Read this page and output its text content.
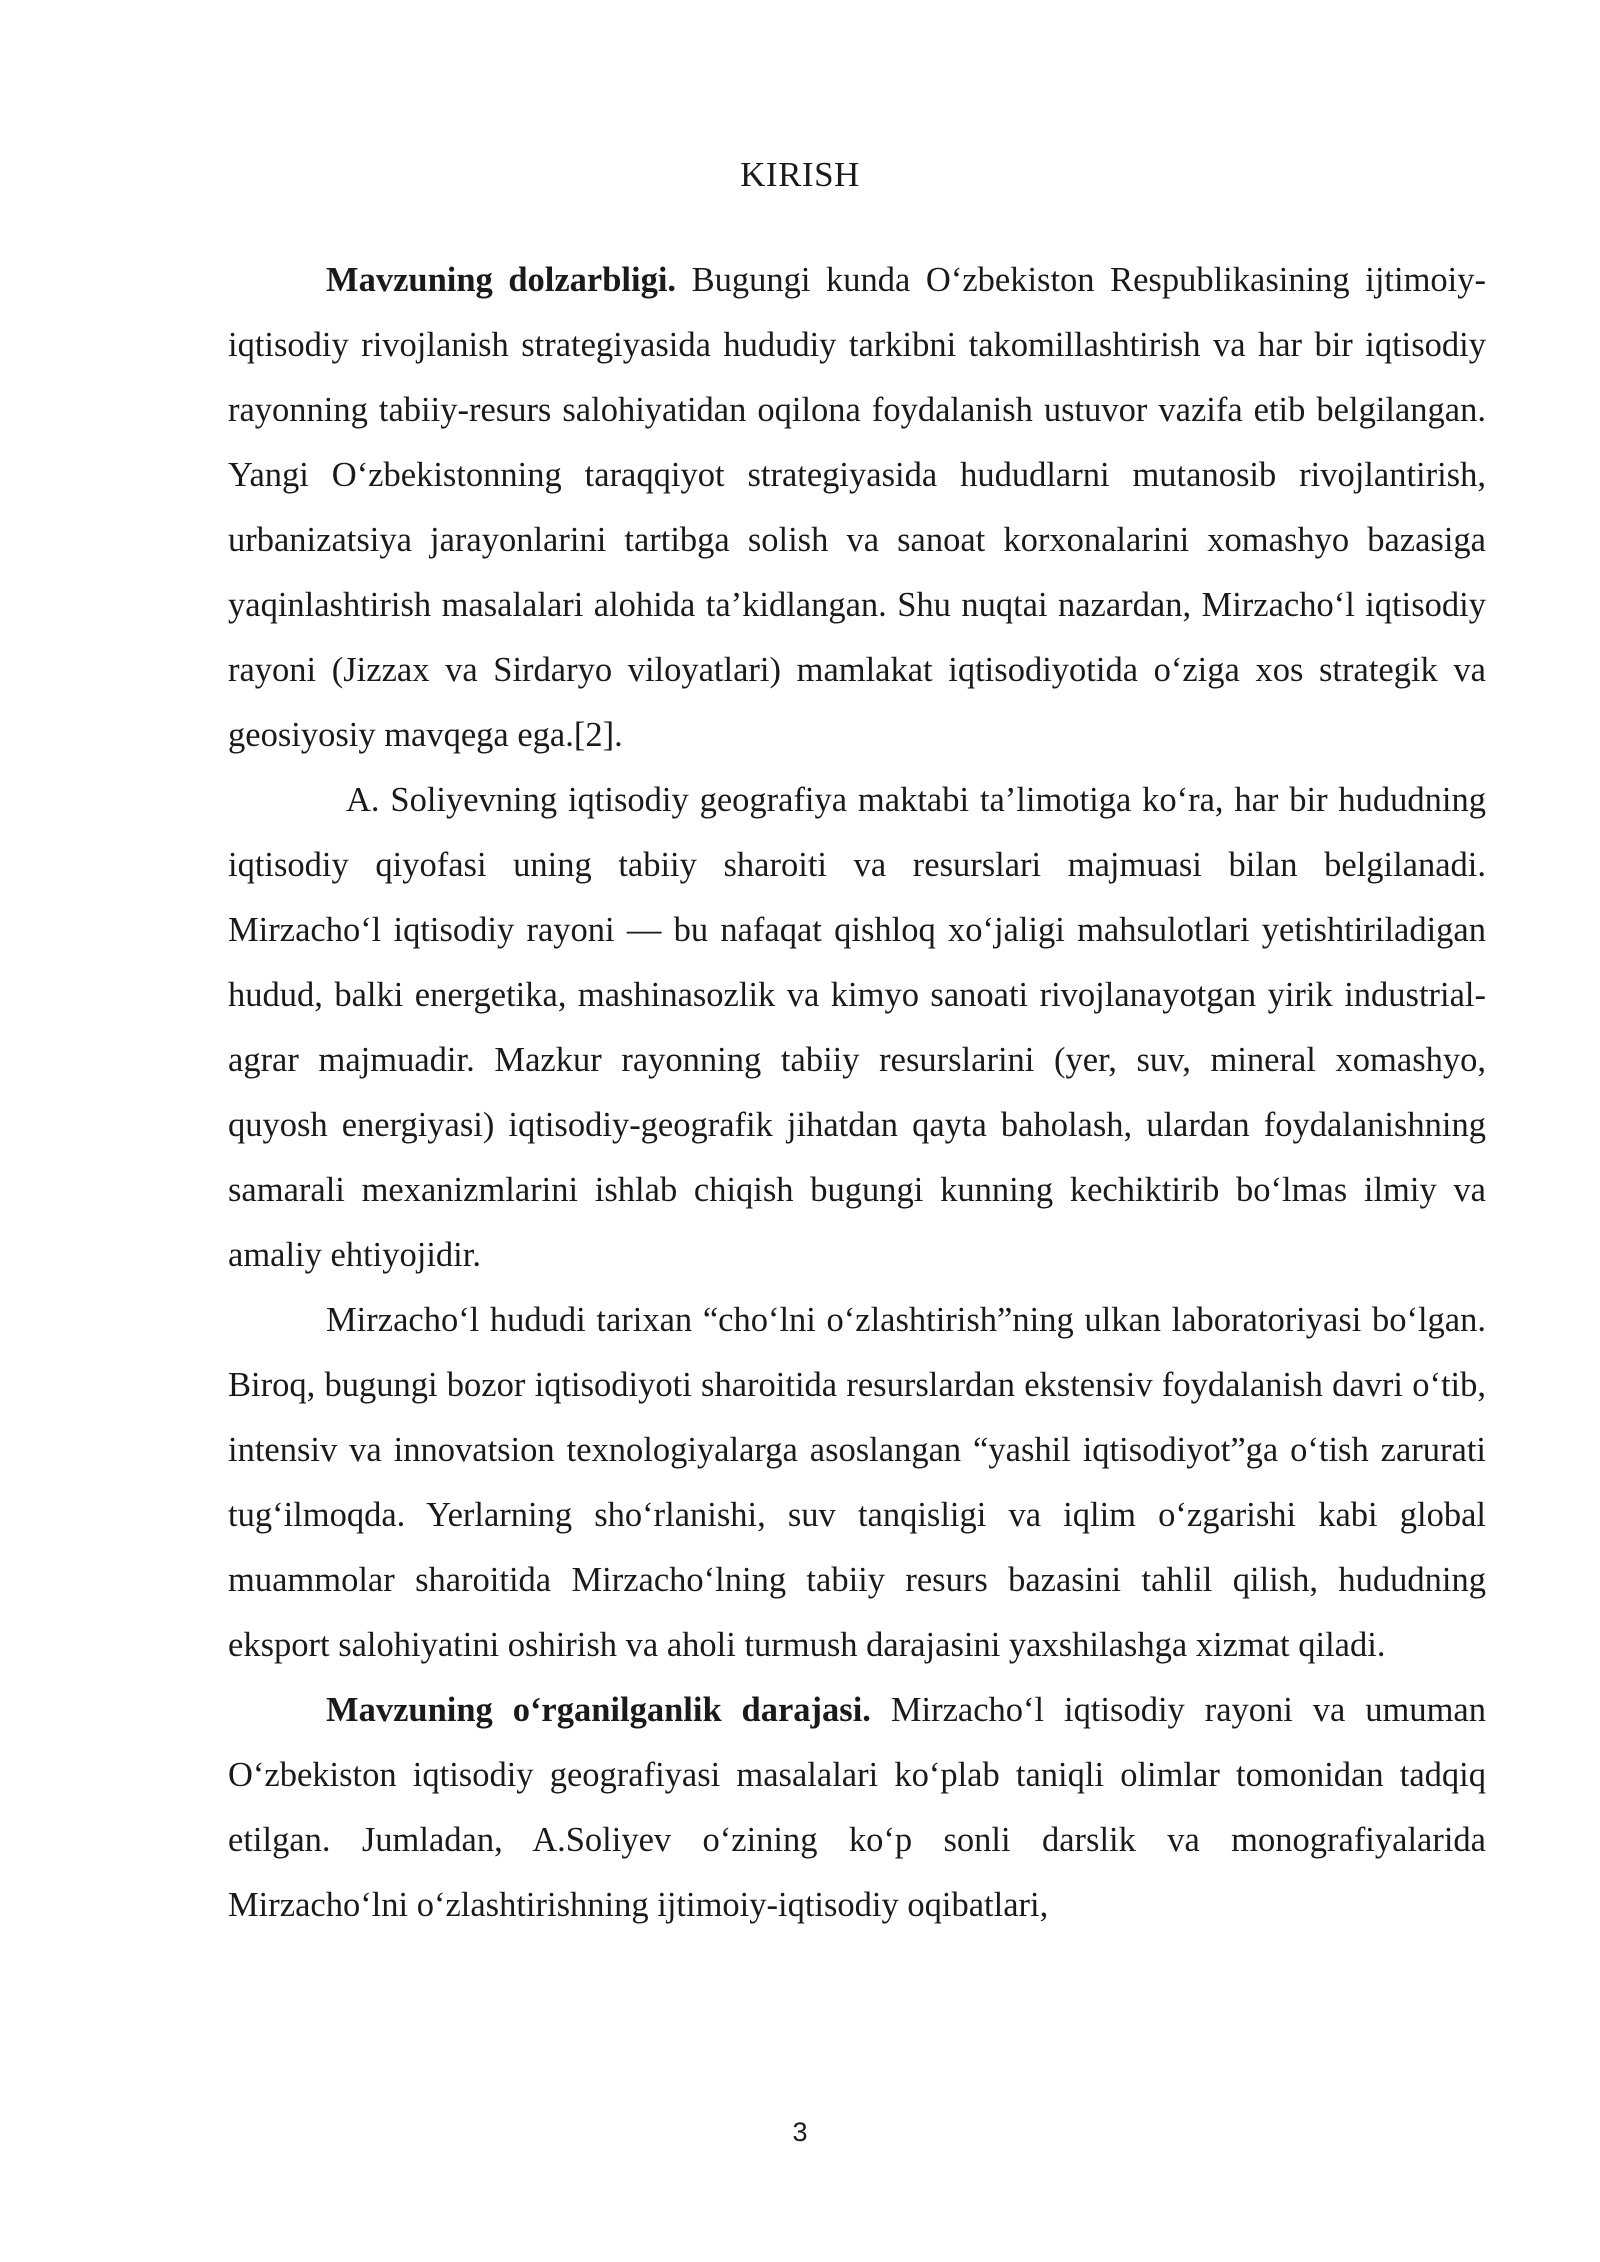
KIRISH

Mavzuning dolzarbligi. Bugungi kunda O‘zbekiston Respublikasining ijtimoiy-iqtisodiy rivojlanish strategiyasida hududiy tarkibni takomillashtirish va har bir iqtisodiy rayonning tabiiy-resurs salohiyatidan oqilona foydalanish ustuvor vazifa etib belgilangan. Yangi O‘zbekistonning taraqqiyot strategiyasida hududlarni mutanosib rivojlantirish, urbanizatsiya jarayonlarini tartibga solish va sanoat korxonalarini xomashyo bazasiga yaqinlashtirish masalalari alohida ta’kidlangan. Shu nuqtai nazardan, Mirzacho‘l iqtisodiy rayoni (Jizzax va Sirdaryo viloyatlari) mamlakat iqtisodiyotida o‘ziga xos strategik va geosiyosiy mavqega ega.[2].

A. Soliyevning iqtisodiy geografiya maktabi ta’limotiga ko‘ra, har bir hududning iqtisodiy qiyofasi uning tabiiy sharoiti va resurslari majmuasi bilan belgilanadi. Mirzacho‘l iqtisodiy rayoni — bu nafaqat qishloq xo‘jaligi mahsulotlari yetishtiriladigan hudud, balki energetika, mashinasozlik va kimyo sanoati rivojlanayotgan yirik industrial-agrar majmuadir. Mazkur rayonning tabiiy resurslarini (yer, suv, mineral xomashyo, quyosh energiyasi) iqtisodiy-geografik jihatdan qayta baholash, ulardan foydalanishning samarali mexanizmlarini ishlab chiqish bugungi kunning kechiktirib bo‘lmas ilmiy va amaliy ehtiyojidir.

Mirzacho‘l hududi tarixan “cho‘lni o‘zlashtirish”ning ulkan laboratoriyasi bo‘lgan. Biroq, bugungi bozor iqtisodiyoti sharoitida resurslardan ekstensiv foydalanish davri o‘tib, intensiv va innovatsion texnologiyalarga asoslangan “yashil iqtisodiyot”ga o‘tish zarurati tug‘ilmoqda. Yerlarning sho‘rlanishi, suv tanqisligi va iqlim o‘zgarishi kabi global muammolar sharoitida Mirzacho‘lning tabiiy resurs bazasini tahlil qilish, hududning eksport salohiyatini oshirish va aholi turmush darajasini yaxshilashga xizmat qiladi.

Mavzuning o‘rganilganlik darajasi. Mirzacho‘l iqtisodiy rayoni va umuman O‘zbekiston iqtisodiy geografiyasi masalalari ko‘plab taniqli olimlar tomonidan tadqiq etilgan. Jumladan, A.Soliyev o‘zining ko‘p sonli darslik va monografiyalarida Mirzacho‘lni o‘zlashtirishning ijtimoiy-iqtisodiy oqibatlari,

3
